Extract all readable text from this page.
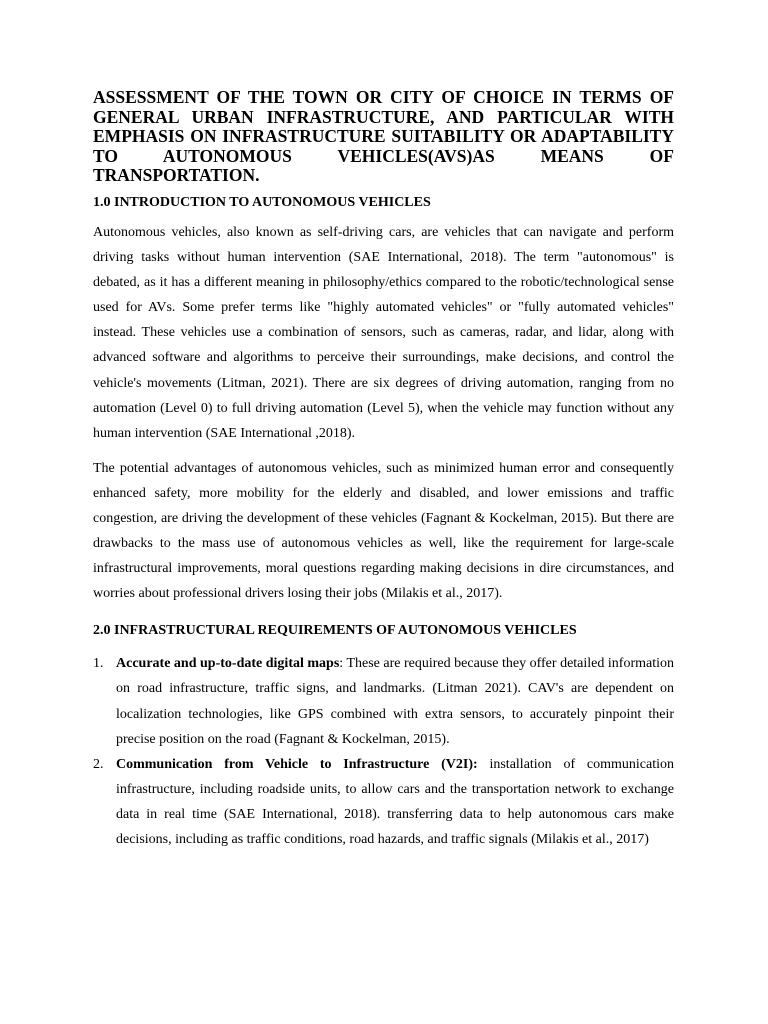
ASSESSMENT OF THE TOWN OR CITY OF CHOICE IN TERMS OF GENERAL URBAN INFRASTRUCTURE, AND PARTICULAR WITH EMPHASIS ON INFRASTRUCTURE SUITABILITY OR ADAPTABILITY TO AUTONOMOUS VEHICLES(AVS)AS MEANS OF TRANSPORTATION.
1.0 INTRODUCTION TO AUTONOMOUS VEHICLES

Autonomous vehicles, also known as self-driving cars, are vehicles that can navigate and perform driving tasks without human intervention (SAE International, 2018). The term "autonomous" is debated, as it has a different meaning in philosophy/ethics compared to the robotic/technological sense used for AVs. Some prefer terms like "highly automated vehicles" or "fully automated vehicles" instead. These vehicles use a combination of sensors, such as cameras, radar, and lidar, along with advanced software and algorithms to perceive their surroundings, make decisions, and control the vehicle's movements (Litman, 2021). There are six degrees of driving automation, ranging from no automation (Level 0) to full driving automation (Level 5), when the vehicle may function without any human intervention (SAE International ,2018).

The potential advantages of autonomous vehicles, such as minimized human error and consequently enhanced safety, more mobility for the elderly and disabled, and lower emissions and traffic congestion, are driving the development of these vehicles (Fagnant & Kockelman, 2015). But there are drawbacks to the mass use of autonomous vehicles as well, like the requirement for large-scale infrastructural improvements, moral questions regarding making decisions in dire circumstances, and worries about professional drivers losing their jobs (Milakis et al., 2017).

2.0 INFRASTRUCTURAL REQUIREMENTS OF AUTONOMOUS VEHICLES
1. Accurate and up-to-date digital maps: These are required because they offer detailed information on road infrastructure, traffic signs, and landmarks. (Litman 2021). CAV's are dependent on localization technologies, like GPS combined with extra sensors, to accurately pinpoint their precise position on the road (Fagnant & Kockelman, 2015).
2. Communication from Vehicle to Infrastructure (V2I): installation of communication infrastructure, including roadside units, to allow cars and the transportation network to exchange data in real time (SAE International, 2018). transferring data to help autonomous cars make decisions, including as traffic conditions, road hazards, and traffic signals (Milakis et al., 2017)
